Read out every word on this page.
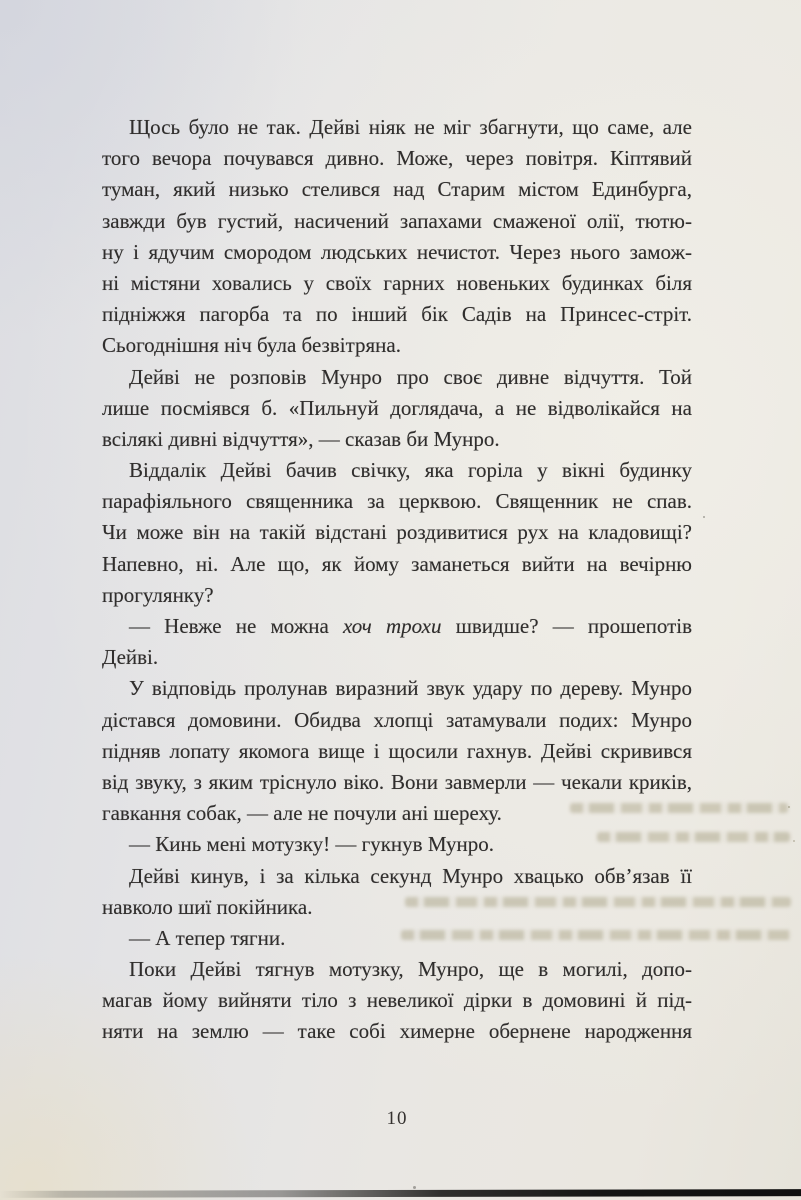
Щось було не так. Дейві ніяк не міг збагнути, що саме, але
того вечора почувався дивно. Може, через повітря. Кіптявий
туман, який низько стелився над Старим містом Единбурга,
завжди був густий, насичений запахами смаженої олії, тютю-
ну і ядучим смородом людських нечистот. Через нього замож-
ні містяни ховались у своїх гарних новеньких будинках біля
підніжжя пагорба та по інший бік Садів на Принсес-стріт.
Сьогоднішня ніч була безвітряна.
Дейві не розповів Мунро про своє дивне відчуття. Той
лише посміявся б. «Пильнуй доглядача, а не відволікайся на
всілякі дивні відчуття», — сказав би Мунро.
Віддалік Дейві бачив свічку, яка горіла у вікні будинку
парафіяльного священника за церквою. Священник не спав.
Чи може він на такій відстані роздивитися рух на кладовищі?
Напевно, ні. Але що, як йому заманеться вийти на вечірню
прогулянку?
— Невже не можна хоч трохи швидше? — прошепотів
Дейві.
У відповідь пролунав виразний звук удару по дереву. Мунро
дістався домовини. Обидва хлопці затамували подих: Мунро
підняв лопату якомога вище і щосили гахнув. Дейві скривився
від звуку, з яким тріснуло віко. Вони завмерли — чекали криків,
гавкання собак, — але не почули ані шереху.
— Кинь мені мотузку! — гукнув Мунро.
Дейві кинув, і за кілька секунд Мунро хвацько обв’язав її
навколо шиї покійника.
— А тепер тягни.
Поки Дейві тягнув мотузку, Мунро, ще в могилі, допо-
магав йому вийняти тіло з невеликої дірки в домовині й під-
няти на землю — таке собі химерне обернене народження
10
